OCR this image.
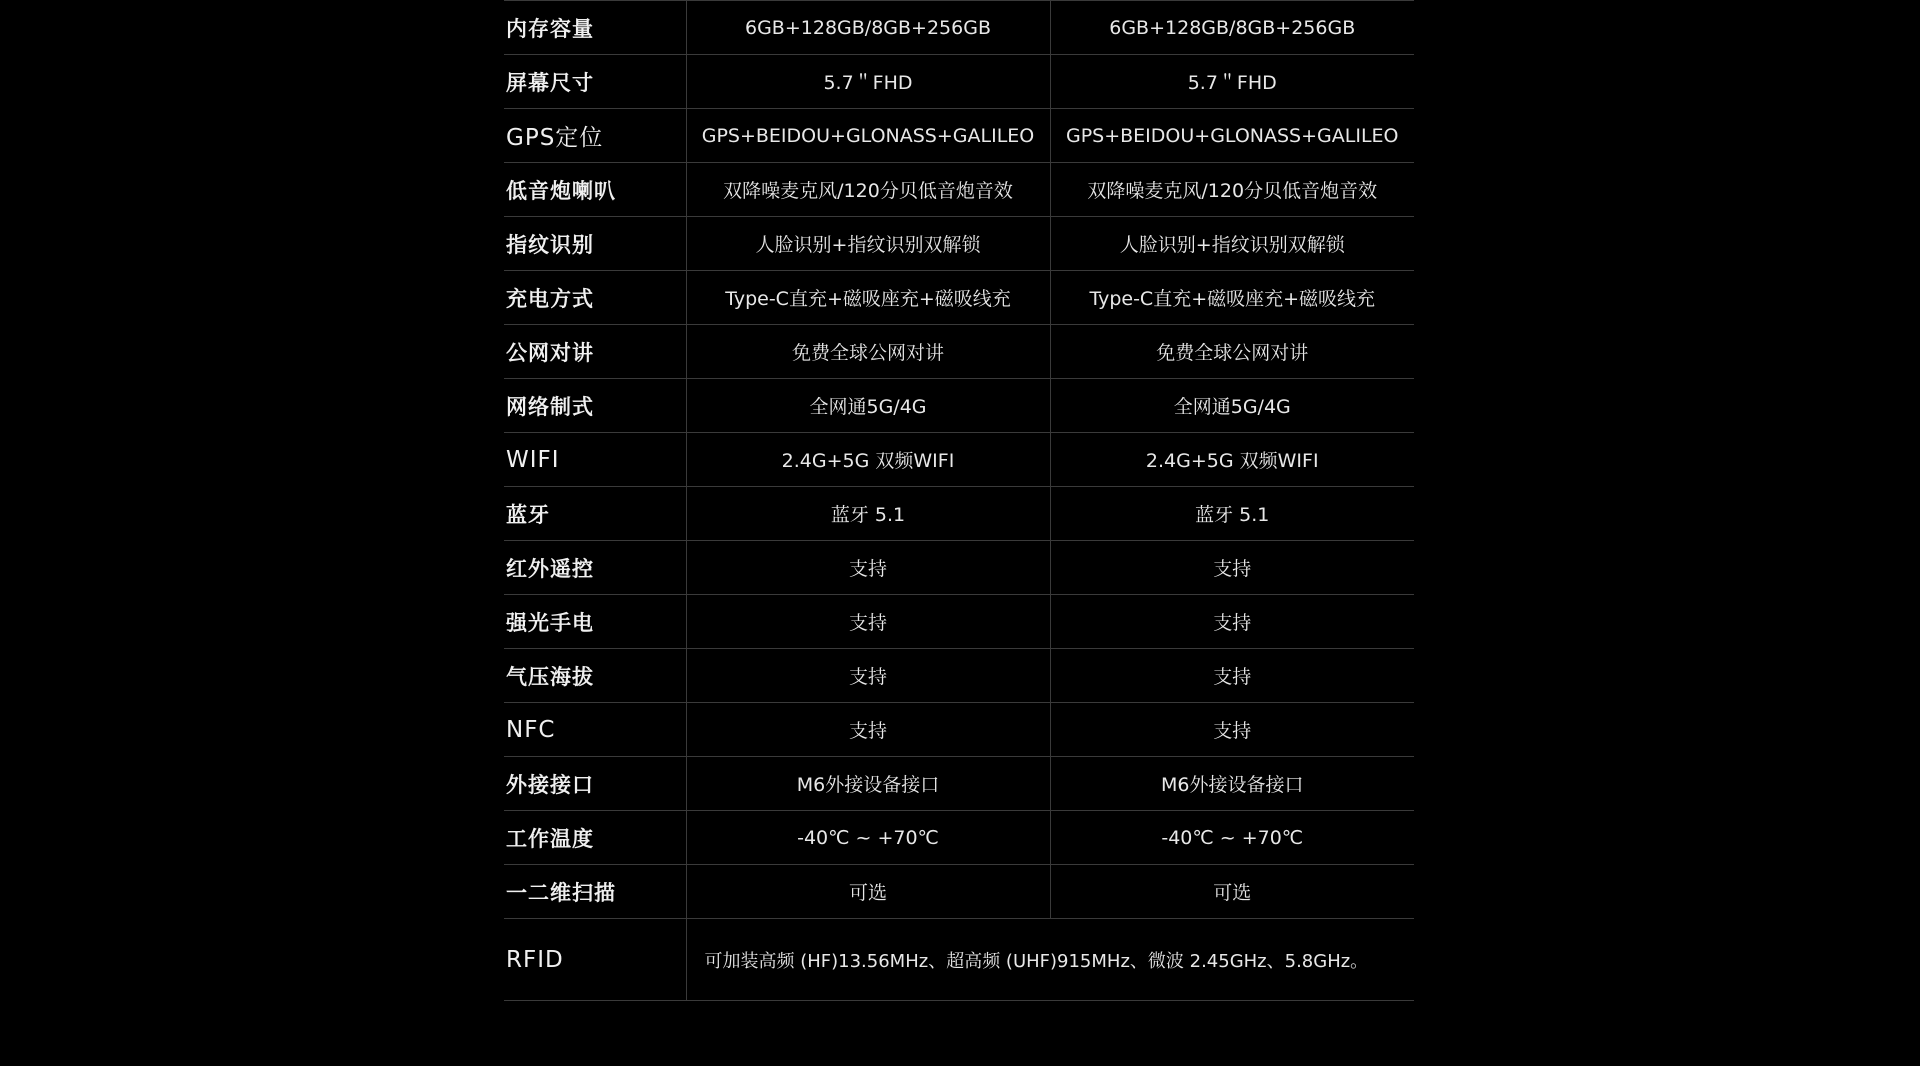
内存容量	6GB+128GB/8GB+256GB	6GB+128GB/8GB+256GB
屏幕尺寸	5.7＂FHD	5.7＂FHD
GPS定位	GPS+BEIDOU+GLONASS+GALILEO	GPS+BEIDOU+GLONASS+GALILEO
低音炮喇叭	双降噪麦克风/120分贝低音炮音效	双降噪麦克风/120分贝低音炮音效
指纹识别	人脸识别+指纹识别双解锁	人脸识别+指纹识别双解锁
充电方式	Type-C直充+磁吸座充+磁吸线充	Type-C直充+磁吸座充+磁吸线充
公网对讲	免费全球公网对讲	免费全球公网对讲
网络制式	全网通5G/4G	全网通5G/4G
WIFI	2.4G+5G 双频WIFI	2.4G+5G 双频WIFI
蓝牙	蓝牙 5.1	蓝牙 5.1
红外遥控	支持	支持
强光手电	支持	支持
气压海拔	支持	支持
NFC	支持	支持
外接接口	M6外接设备接口	M6外接设备接口
工作温度	-40℃ ~ +70℃	-40℃ ~ +70℃
一二维扫描	可选	可选
RFID	可加装高频 (HF)13.56MHz、超高频 (UHF)915MHz、微波 2.45GHz、5.8GHz。	
